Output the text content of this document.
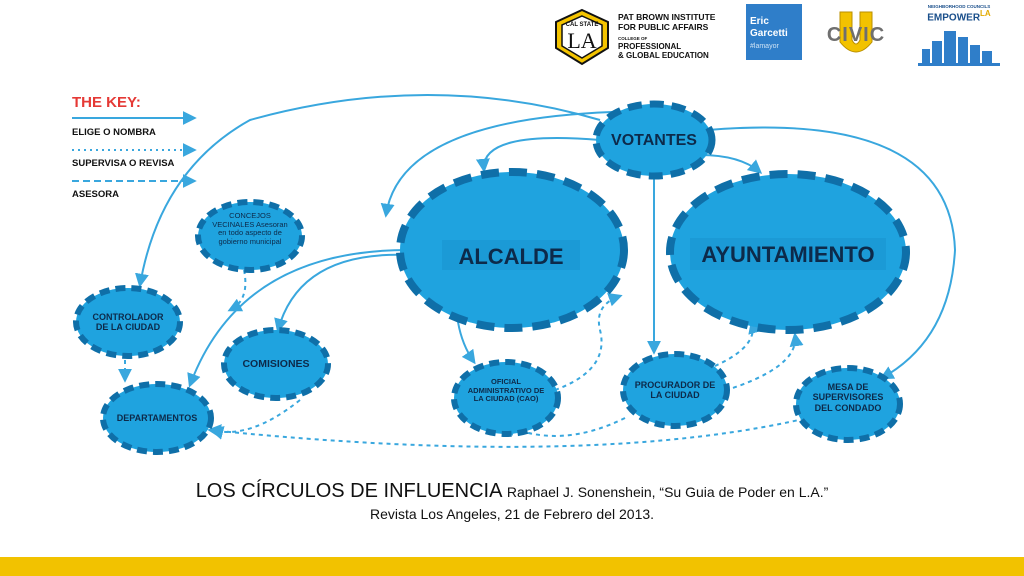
CAL STATE
LA
PAT BROWN INSTITUTE
FOR PUBLIC AFFAIRS
COLLEGE OF
PROFESSIONAL
& GLOBAL EDUCATION
Eric
Garcetti
#lamayor
CIVIC
NEIGHBORHOOD COUNCILS
$EMPOWER^{LA}$
THE KEY:
ELIGE O NOMBRA
SUPERVISA O REVISA
ASESORA
VOTANTES
ALCALDE	AYUNTAMIENTO
CONCEJOS VECINALES Asesoran en todo aspecto de gobierno municipal
CONTROLADOR DE LA CIUDAD
COMISIONES
DEPARTAMENTOS
OFICIAL ADMINISTRATIVO DE LA CIUDAD (CAO)
PROCURADOR DE LA CIUDAD
MESA DE SUPERVISORES DEL CONDADO
LOS CÍRCULOS DE INFLUENCIA Raphael J. Sonenshein, “Su Guia de Poder en L.A.”
Revista Los Angeles, 21 de Febrero del 2013.
